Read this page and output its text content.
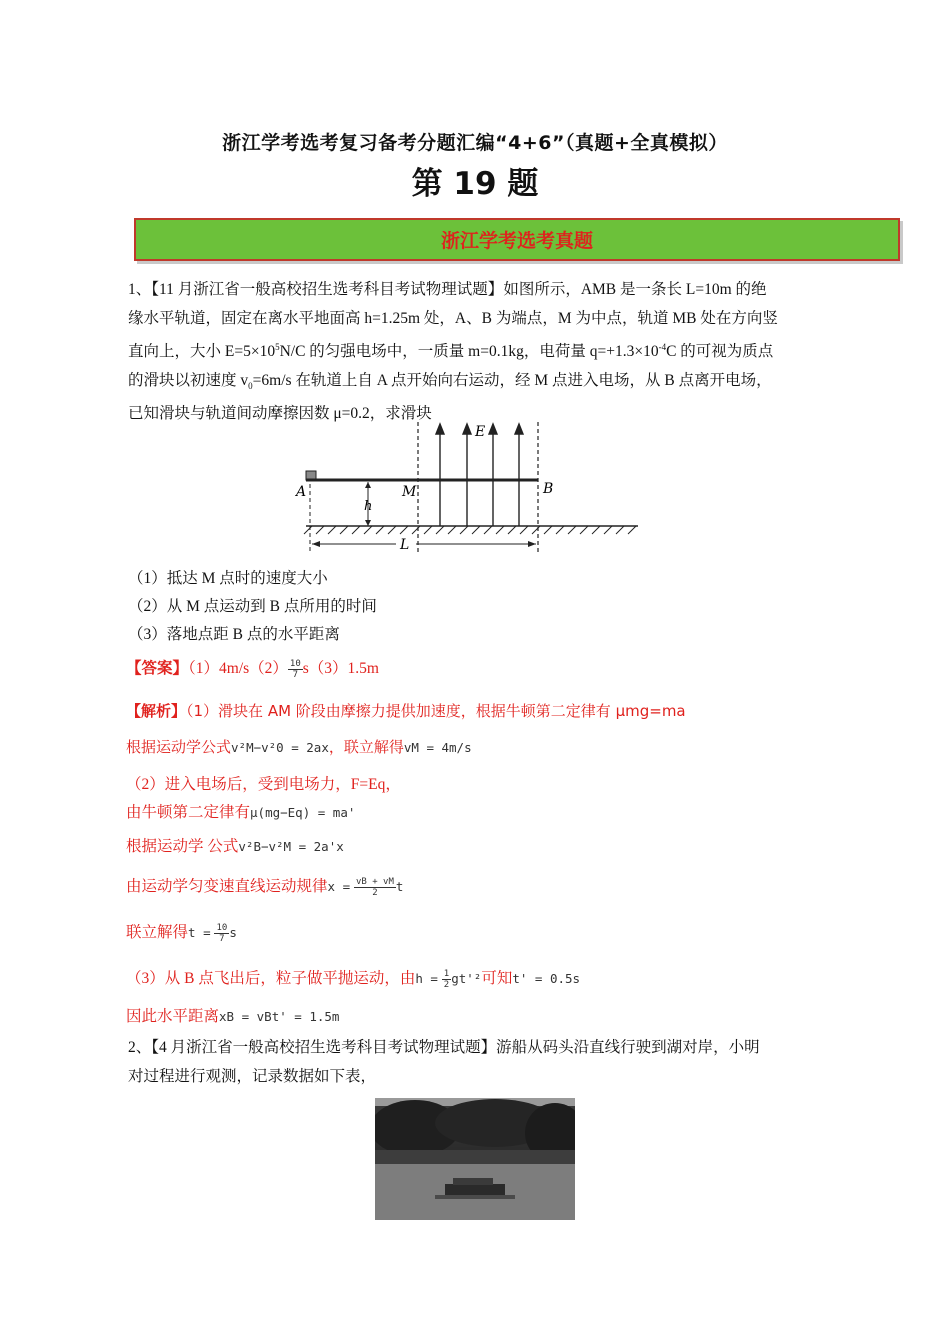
浙江学考选考复习备考分题汇编“4+6”（真题+全真模拟）
第 19 题
浙江学考选考真题
1、【11 月浙江省一般高校招生选考科目考试物理试题】如图所示，AMB 是一条长 L=10m 的绝
缘水平轨道，固定在离水平地面高 h=1.25m 处，A、B 为端点，M 为中点，轨道 MB 处在方向竖
直向上，大小 $E=5\times 10^5N/C$ 的匀强电场中，一质量 m=0.1kg，电荷量 $q=+1.3\times 10^{-4}C$ 的可视为质点
的滑块以初速度 $v_0=6m/s$ 在轨道上自 A 点开始向右运动，经 M 点进入电场，从 B 点离开电场，
已知滑块与轨道间动摩擦因数 μ=0.2，求滑块
E
A	M	B
h
L
（1）抵达 M 点时的速度大小
（2）从 M 点运动到 B 点所用的时间
（3）落地点距 B 点的水平距离
【答案】$(1)4m/s(2) \frac{10}{7} s(3)1.5m$
【解析】（1）滑块在 AM 阶段由摩擦力提供加速度，根据牛顿第二定律有 μmg=ma
根据运动学公式v²M−v²0 = 2ax，联立解得vM = 4m/s
（2）进入电场后，受到电场力，F=Eq，
由牛顿第二定律有μ(mg−Eq) = ma'
根据运动学 公式v²B−v²M = 2a'x
由运动学匀变速直线运动规律$x = \frac{vB + vM}{2}$ t
联立解得$t = \frac{10}{7}$ s
（3）从 B 点飞出后，粒子做平抛运动，由$h = \frac{1}{2} gt'^2$可知t' = 0.5s
因此水平距离xB = vBt' = 1.5m
2、【4 月浙江省一般高校招生选考科目考试物理试题】游船从码头沿直线行驶到湖对岸，小明
对过程进行观测，记录数据如下表，
